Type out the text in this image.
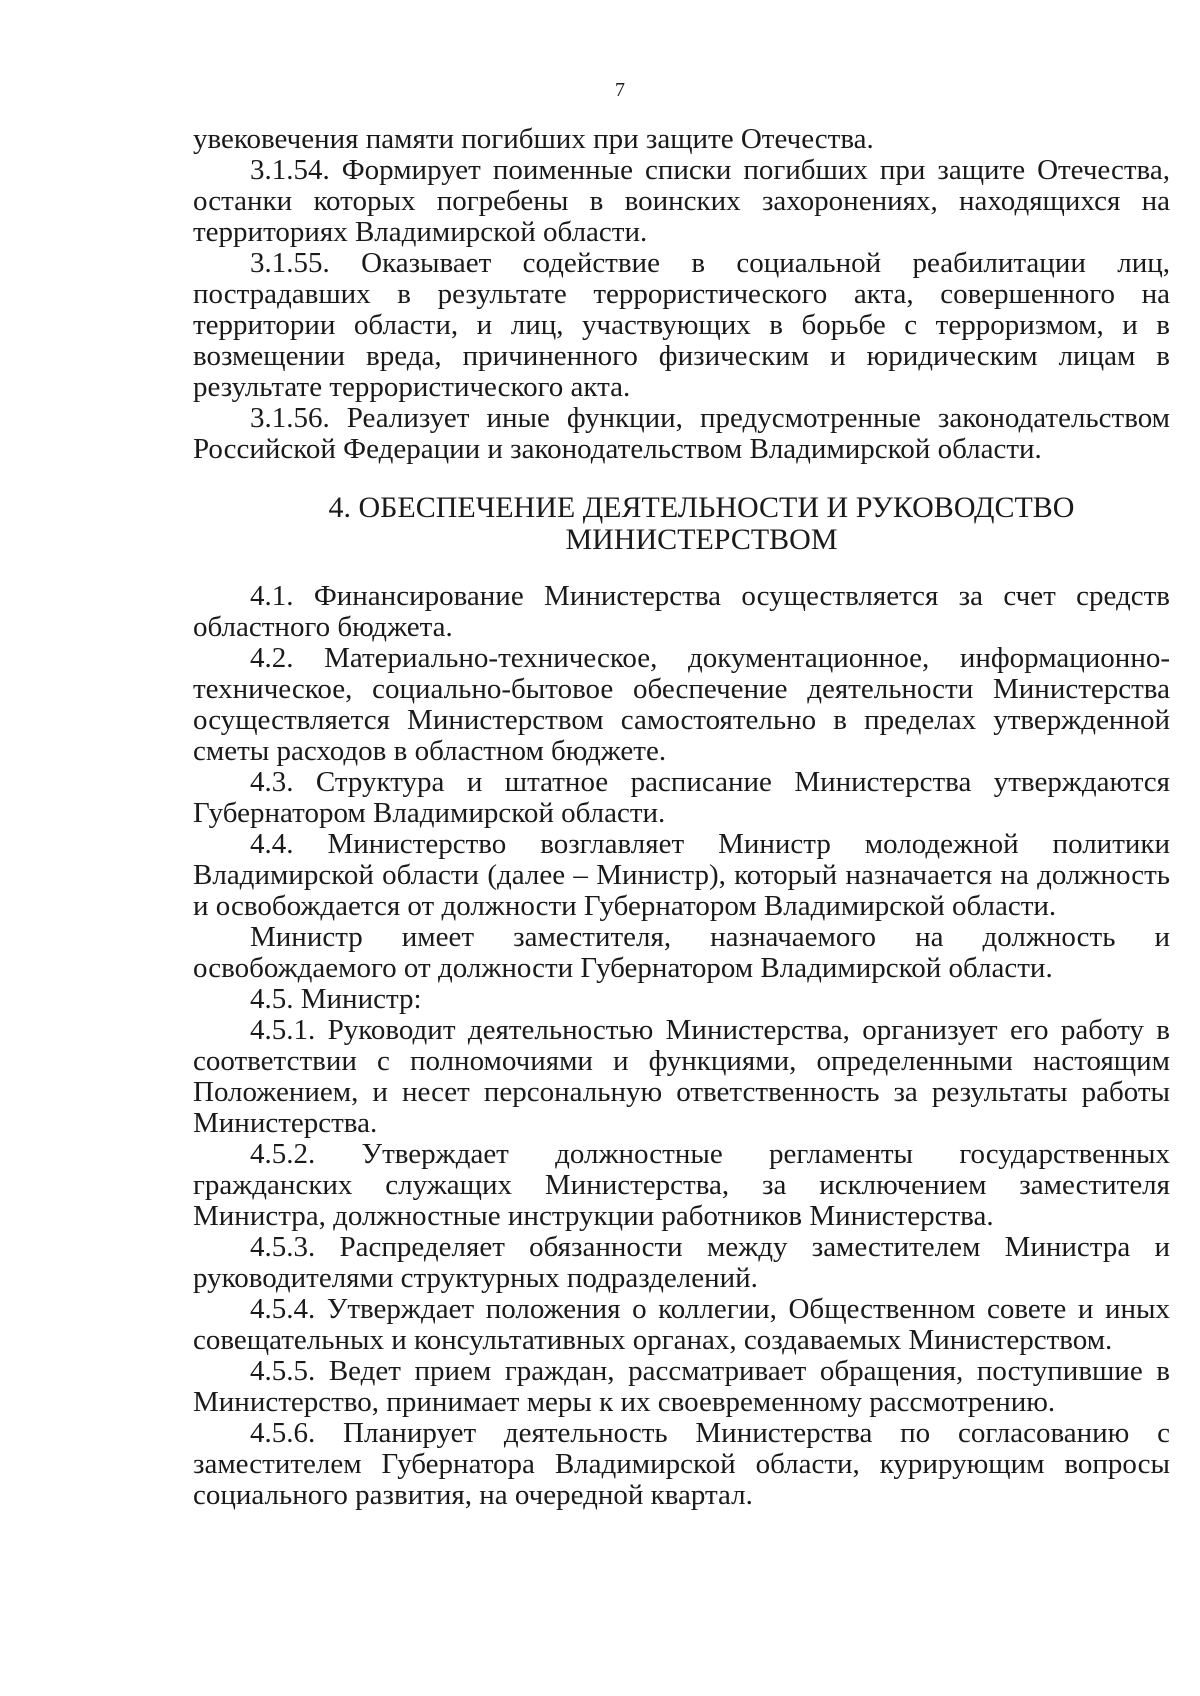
7

увековечения памяти погибших при защите Отечества.

3.1.54. Формирует поименные списки погибших при защите Отечества, останки которых погребены в воинских захоронениях, находящихся на территориях Владимирской области.

3.1.55. Оказывает содействие в социальной реабилитации лиц, пострадавших в результате террористического акта, совершенного на территории области, и лиц, участвующих в борьбе с терроризмом, и в возмещении вреда, причиненного физическим и юридическим лицам в результате террористического акта.

3.1.56. Реализует иные функции, предусмотренные законодательством Российской Федерации и законодательством Владимирской области.

4. ОБЕСПЕЧЕНИЕ ДЕЯТЕЛЬНОСТИ И РУКОВОДСТВО
МИНИСТЕРСТВОМ

4.1. Финансирование Министерства осуществляется за счет средств областного бюджета.

4.2. Материально-техническое, документационное, информационно-техническое, социально-бытовое обеспечение деятельности Министерства осуществляется Министерством самостоятельно в пределах утвержденной сметы расходов в областном бюджете.

4.3. Структура и штатное расписание Министерства утверждаются Губернатором Владимирской области.

4.4. Министерство возглавляет Министр молодежной политики Владимирской области (далее – Министр), который назначается на должность и освобождается от должности Губернатором Владимирской области.

Министр имеет заместителя, назначаемого на должность и освобождаемого от должности Губернатором Владимирской области.

4.5. Министр:

4.5.1. Руководит деятельностью Министерства, организует его работу в соответствии с полномочиями и функциями, определенными настоящим Положением, и несет персональную ответственность за результаты работы Министерства.

4.5.2. Утверждает должностные регламенты государственных гражданских служащих Министерства, за исключением заместителя Министра, должностные инструкции работников Министерства.

4.5.3. Распределяет обязанности между заместителем Министра и руководителями структурных подразделений.

4.5.4. Утверждает положения о коллегии, Общественном совете и иных совещательных и консультативных органах, создаваемых Министерством.

4.5.5. Ведет прием граждан, рассматривает обращения, поступившие в Министерство, принимает меры к их своевременному рассмотрению.

4.5.6. Планирует деятельность Министерства по согласованию с заместителем Губернатора Владимирской области, курирующим вопросы социального развития, на очередной квартал.
